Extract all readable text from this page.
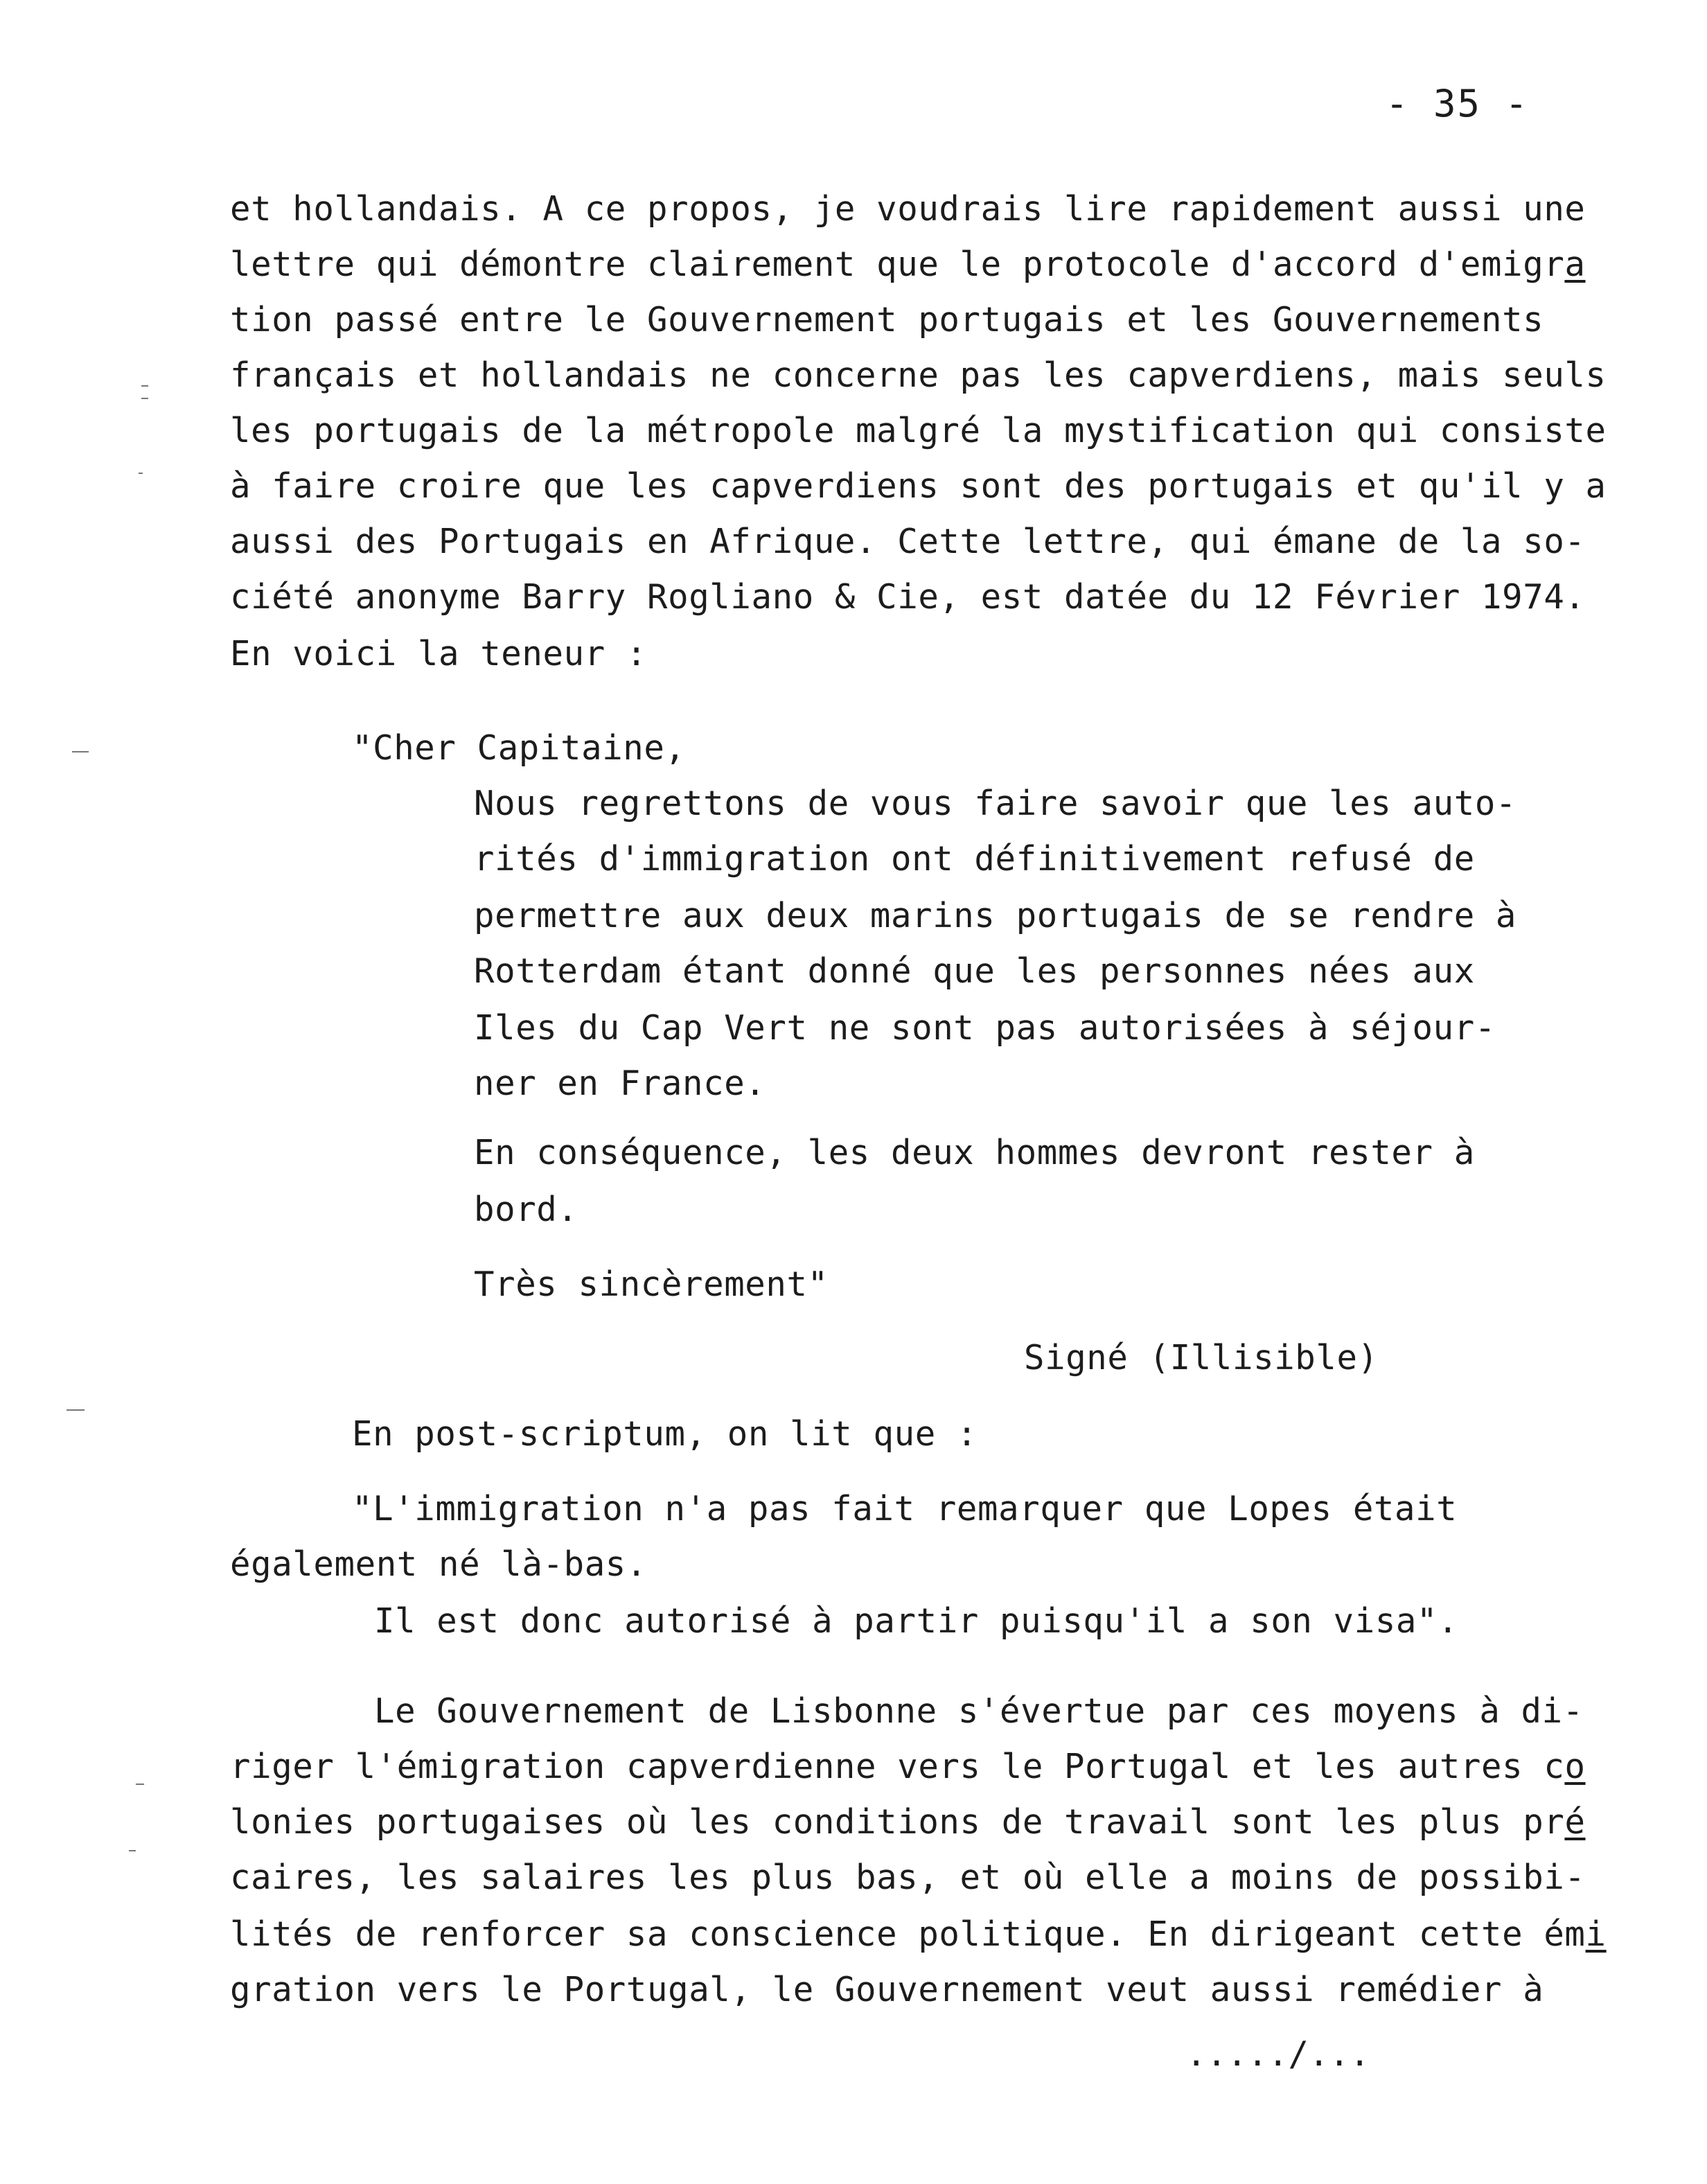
- 35 -
et hollandais. A ce propos, je voudrais lire rapidement aussi une
lettre qui démontre clairement que le protocole d'accord d'emigra
tion passé entre le Gouvernement portugais et les Gouvernements
français et hollandais ne concerne pas les capverdiens, mais seuls
les portugais de la métropole malgré la mystification qui consiste
à faire croire que les capverdiens sont des portugais et qu'il y a
aussi des Portugais en Afrique. Cette lettre, qui émane de la so-
ciété anonyme Barry Rogliano & Cie, est datée du 12 Février 1974.
En voici la teneur :
"Cher Capitaine,
Nous regrettons de vous faire savoir que les auto-
rités d'immigration ont définitivement refusé de
permettre aux deux marins portugais de se rendre à
Rotterdam étant donné que les personnes nées aux
Iles du Cap Vert ne sont pas autorisées à séjour-
ner en France.
En conséquence, les deux hommes devront rester à
bord.
Très sincèrement"
Signé (Illisible)
En post-scriptum, on lit que :
"L'immigration n'a pas fait remarquer que Lopes était
également né là-bas.
Il est donc autorisé à partir puisqu'il a son visa".
Le Gouvernement de Lisbonne s'évertue par ces moyens à di-
riger l'émigration capverdienne vers le Portugal et les autres co
lonies portugaises où les conditions de travail sont les plus pré
caires, les salaires les plus bas, et où elle a moins de possibi-
lités de renforcer sa conscience politique. En dirigeant cette émi
gration vers le Portugal, le Gouvernement veut aussi remédier à
...../...
